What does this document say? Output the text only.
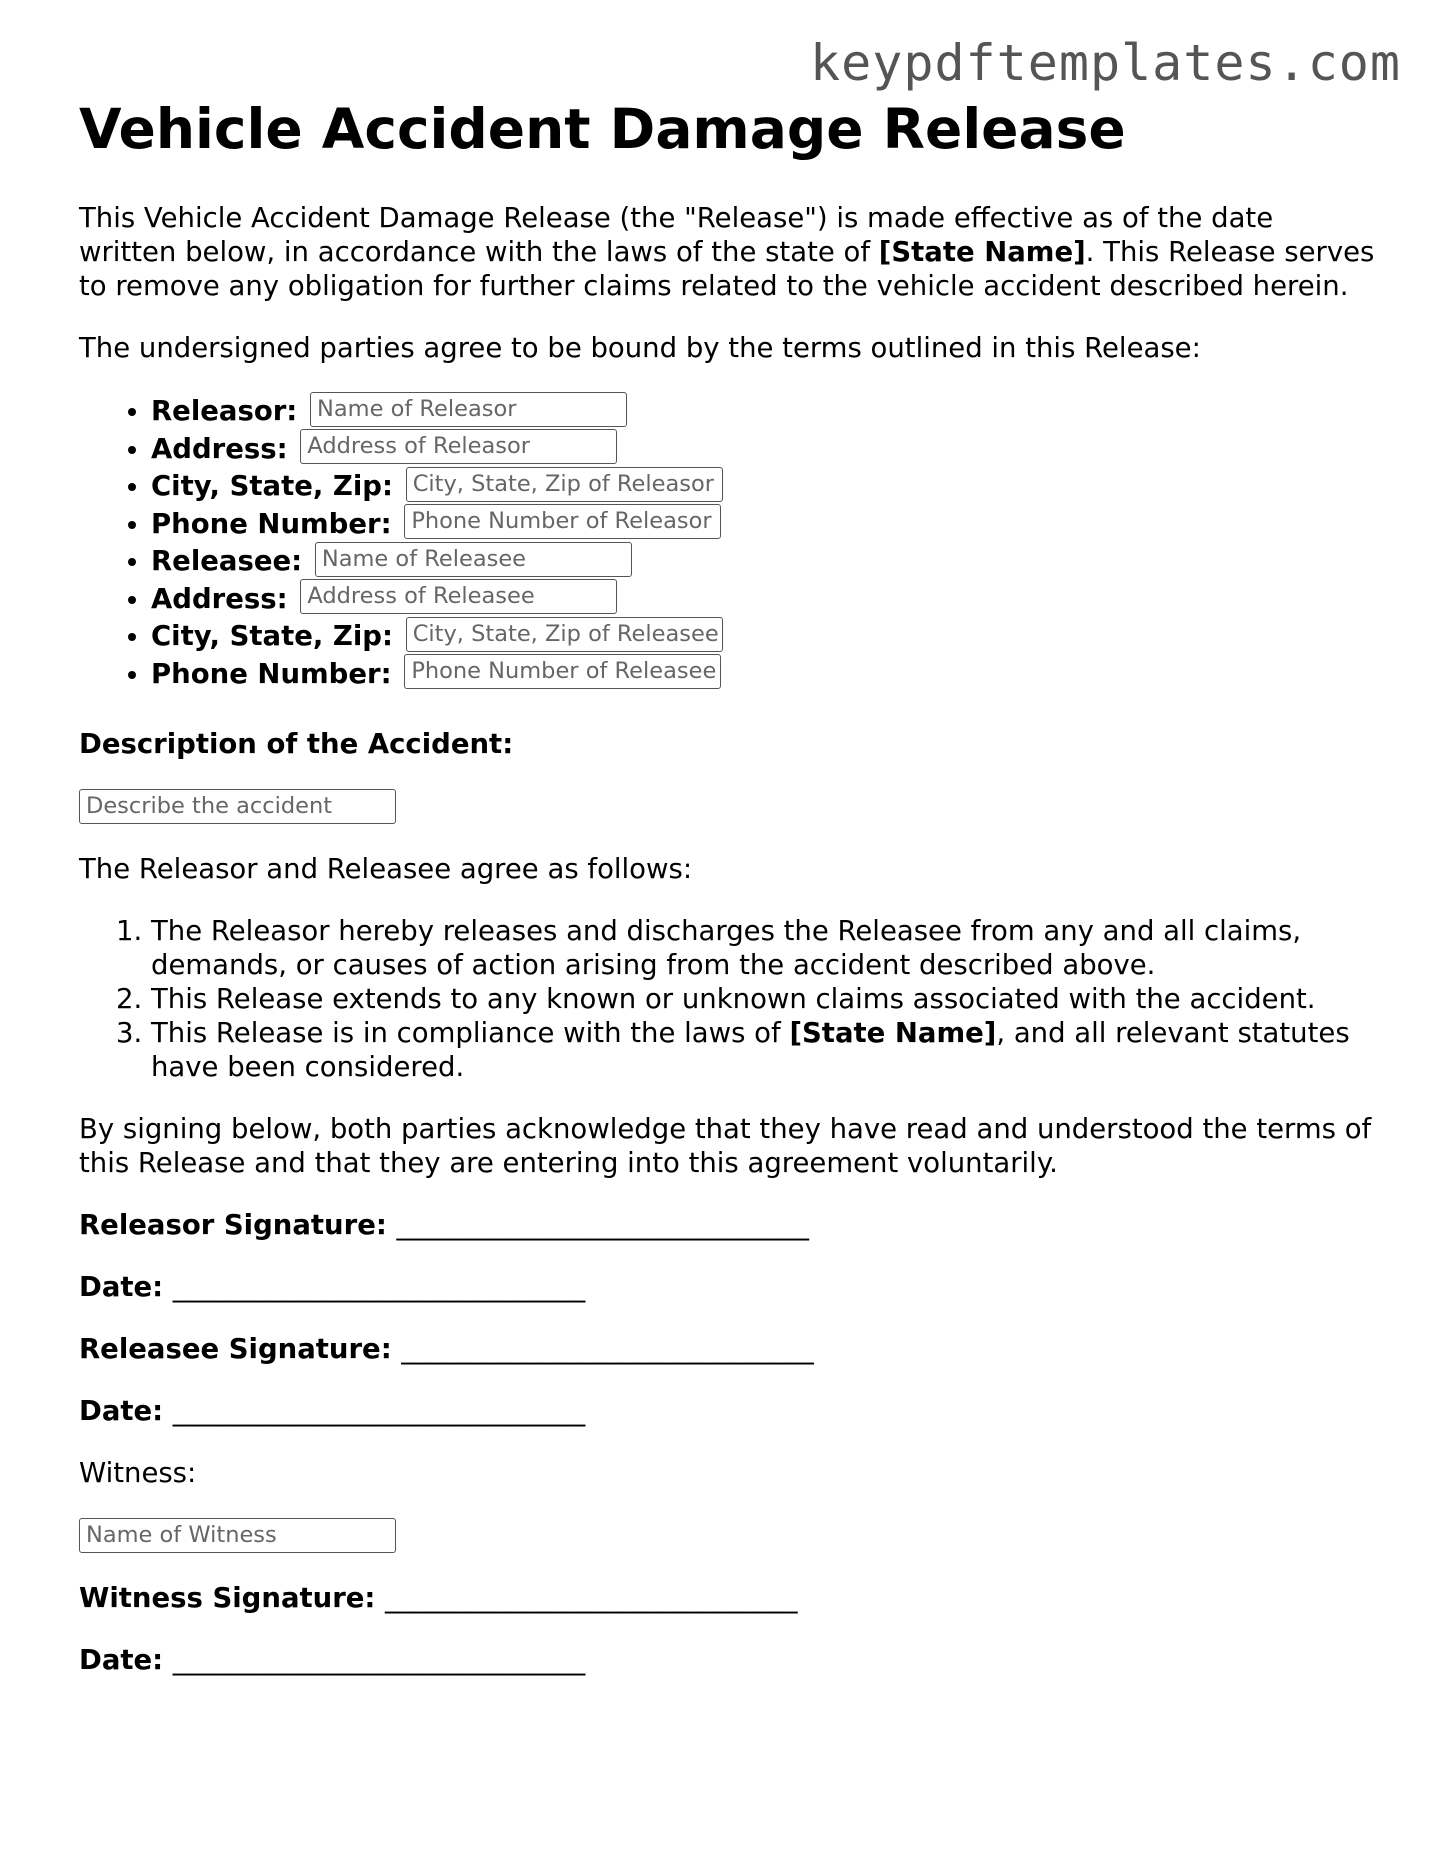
keypdftemplates.com

Vehicle Accident Damage Release

This Vehicle Accident Damage Release (the "Release") is made effective as of the date written below, in accordance with the laws of the state of [State Name]. This Release serves to remove any obligation for further claims related to the vehicle accident described herein.

The undersigned parties agree to be bound by the terms outlined in this Release:

• Releasor: Name of Releasor
• Address: Address of Releasor
• City, State, Zip: City, State, Zip of Releasor
• Phone Number: Phone Number of Releasor
• Releasee: Name of Releasee
• Address: Address of Releasee
• City, State, Zip: City, State, Zip of Releasee
• Phone Number: Phone Number of Releasee

Description of the Accident:

Describe the accident

The Releasor and Releasee agree as follows:

1. The Releasor hereby releases and discharges the Releasee from any and all claims, demands, or causes of action arising from the accident described above.
2. This Release extends to any known or unknown claims associated with the accident.
3. This Release is in compliance with the laws of [State Name], and all relevant statutes have been considered.

By signing below, both parties acknowledge that they have read and understood the terms of this Release and that they are entering into this agreement voluntarily.

Releasor Signature: ______________________________

Date: ______________________________

Releasee Signature: ______________________________

Date: ______________________________

Witness:

Name of Witness

Witness Signature: ______________________________

Date: ______________________________
